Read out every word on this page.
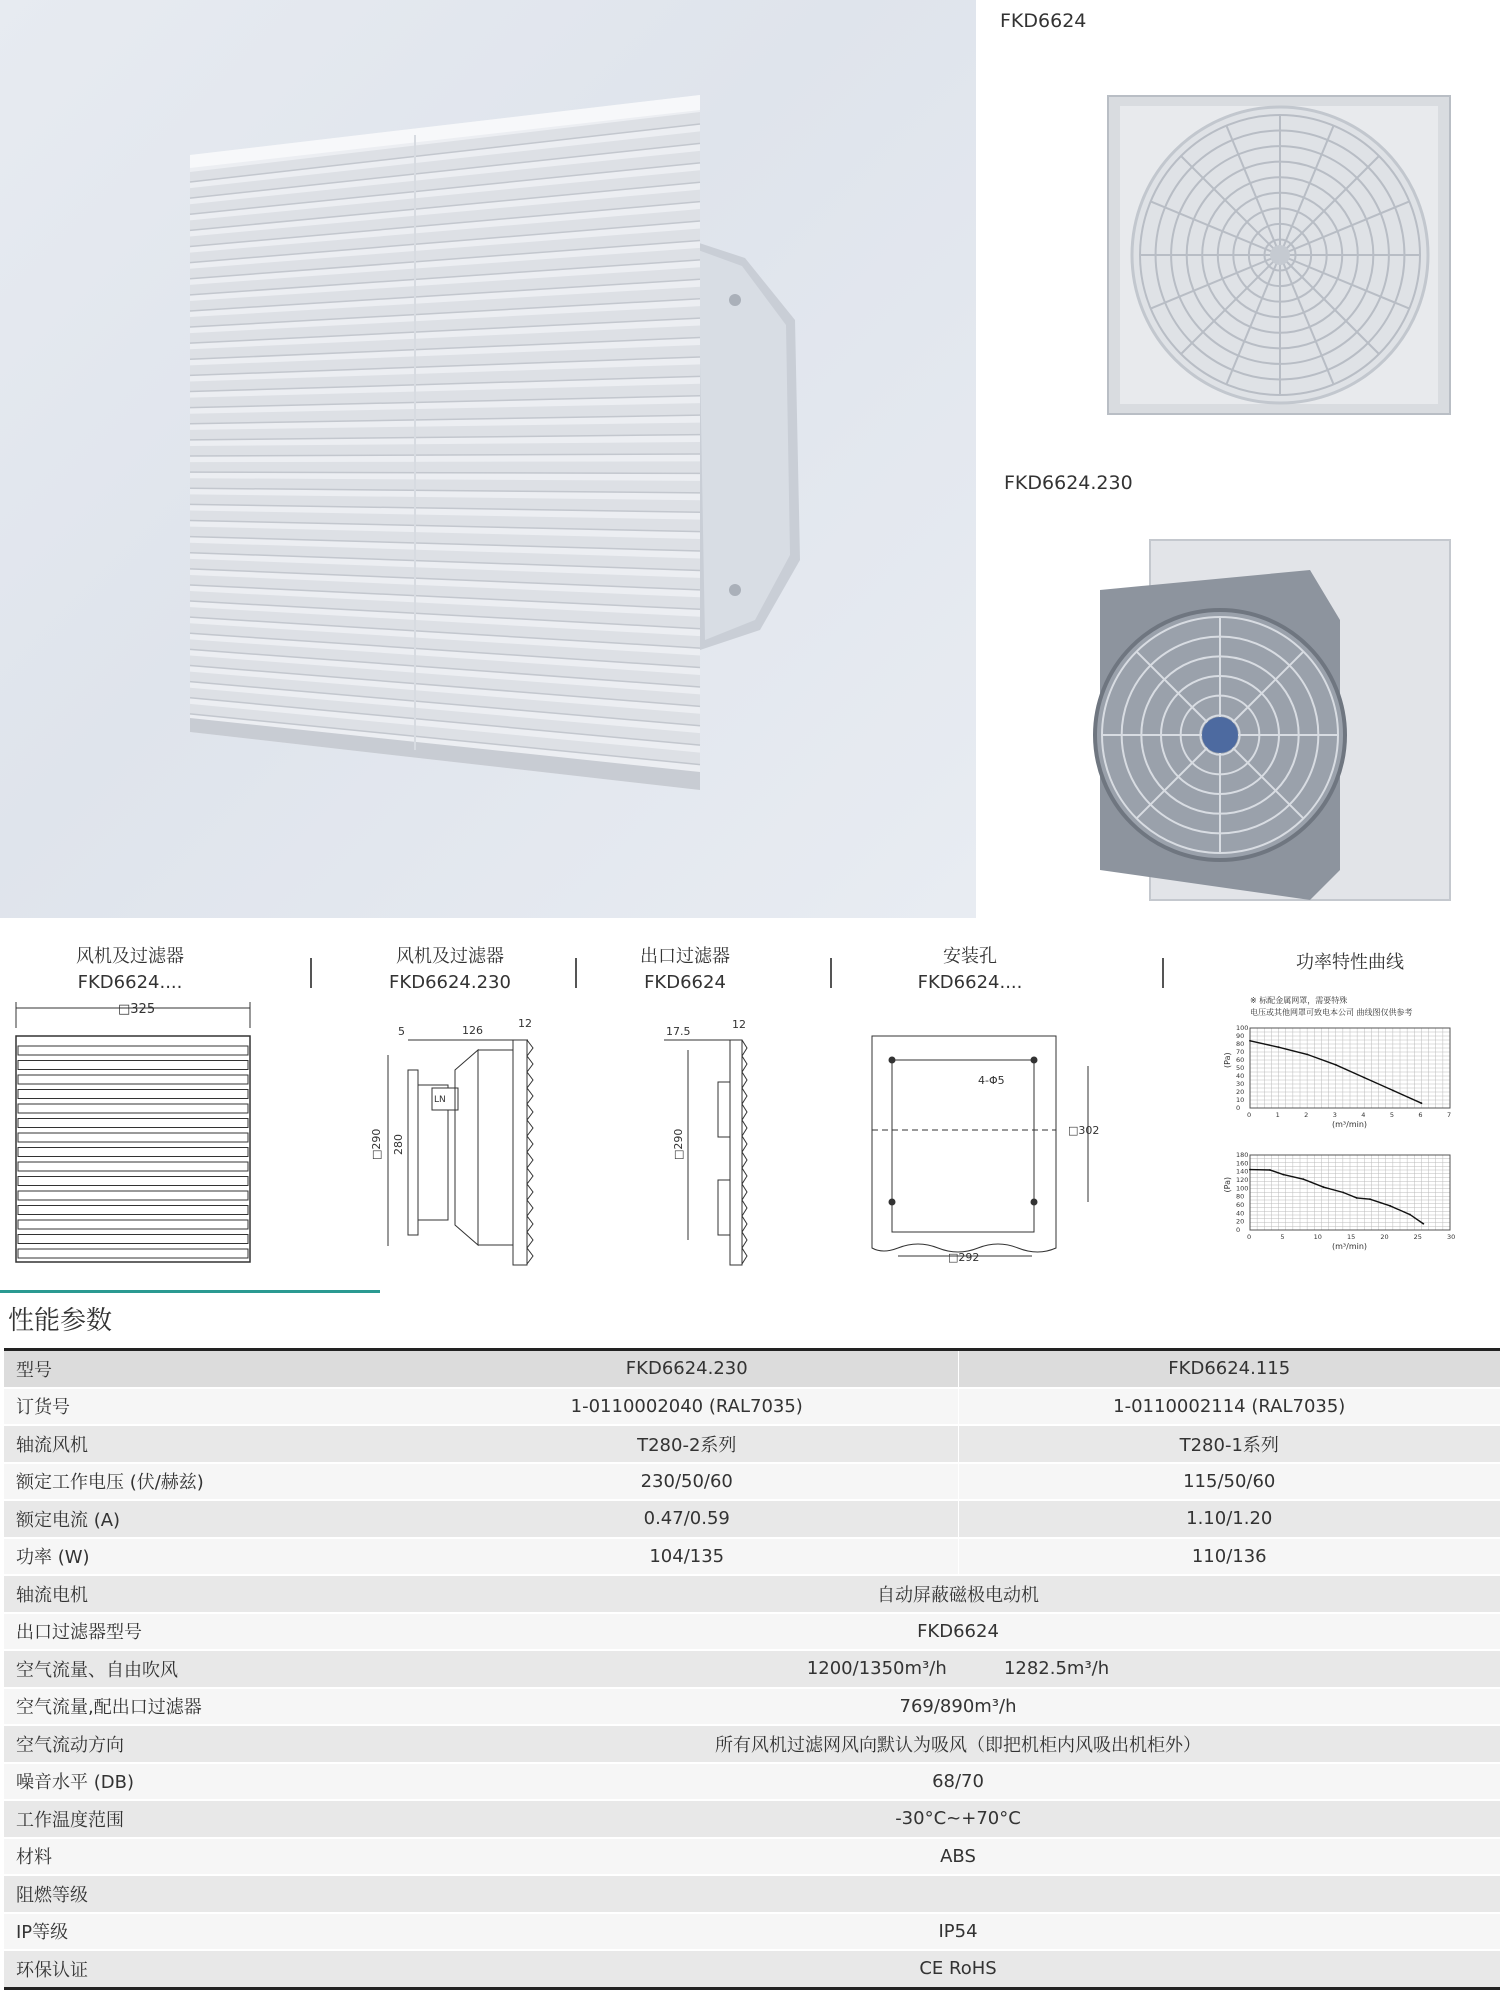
FKD6624
FKD6624.230
风机及过滤器
FKD6624....
风机及过滤器
FKD6624.230
出口过滤器
FKD6624
安装孔
FKD6624....
功率特性曲线
□325
5	126
12
□290 280
LN
17.5
12
□290
4-Φ5
□302
□292
※ 标配金属网罩，需要特殊
电压或其他网罩可致电本公司 曲线图仅供参考
0	1	2	3	4	5	6	7
0
10
20
30
40
50
60
70
80
90
100
(m³/min)
(Pa)
0	5	10	15	20	25	30
0
20
40
60
80
100
120
140
160
180
(m³/min)
(Pa)
性能参数
型号	FKD6624.230	FKD6624.115
订货号	1-0110002040 (RAL7035)	1-0110002114 (RAL7035)
轴流风机	T280-2系列	T280-1系列
额定工作电压 (伏/赫兹)	230/50/60	115/50/60
额定电流 (A)	0.47/0.59	1.10/1.20
功率 (W)	104/135	110/136
轴流电机	自动屏蔽磁极电动机	
出口过滤器型号	FKD6624	
空气流量、自由吹风	1200/1350m³/h          1282.5m³/h	
空气流量,配出口过滤器	769/890m³/h	
空气流动方向	所有风机过滤网风向默认为吸风（即把机柜内风吸出机柜外）	
噪音水平 (DB)	68/70	
工作温度范围	-30°C~+70°C	
材料	ABS	
阻燃等级		
IP等级	IP54	
环保认证	CE RoHS	
